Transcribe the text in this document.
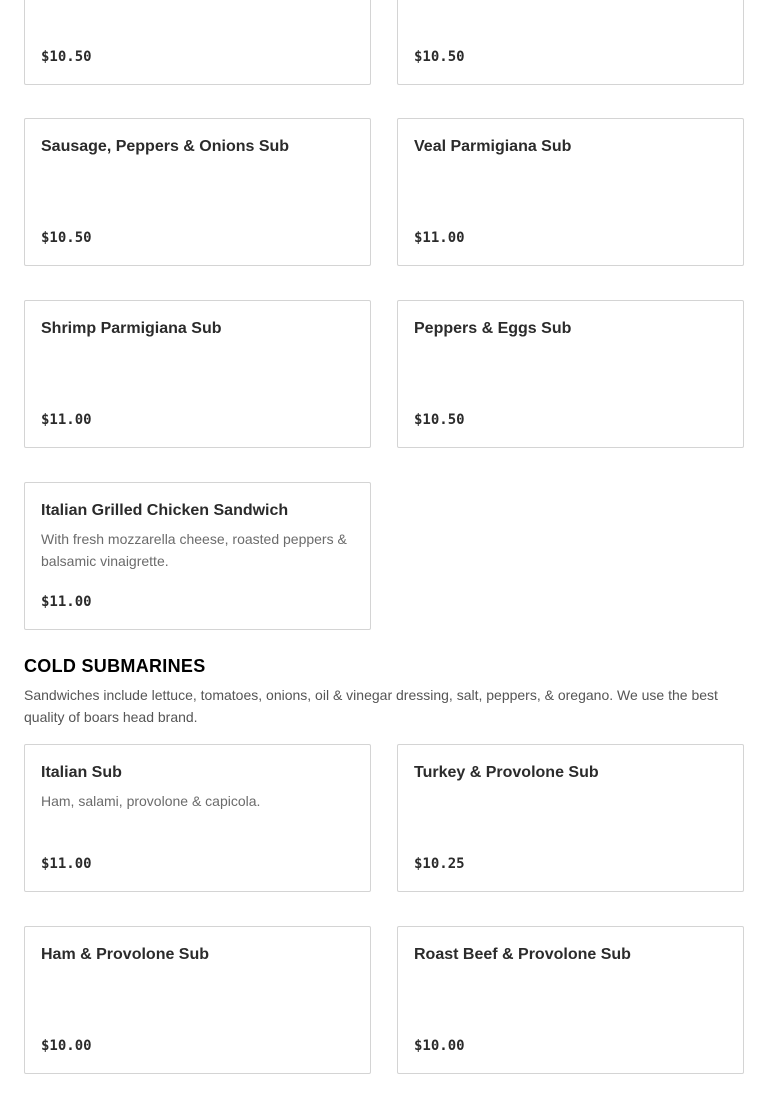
$10.50	$10.50
Sausage, Peppers & Onions Sub
$10.50
Veal Parmigiana Sub
$11.00
Shrimp Parmigiana Sub
$11.00
Peppers & Eggs Sub
$10.50
Italian Grilled Chicken Sandwich
With fresh mozzarella cheese, roasted peppers & balsamic vinaigrette.
$11.00
COLD SUBMARINES

Sandwiches include lettuce, tomatoes, onions, oil & vinegar dressing, salt, peppers, & oregano. We use the best quality of boars head brand.

Italian Sub
Ham, salami, provolone & capicola.
$11.00
Turkey & Provolone Sub
$10.25
Ham & Provolone Sub
$10.00
Roast Beef & Provolone Sub
$10.00
